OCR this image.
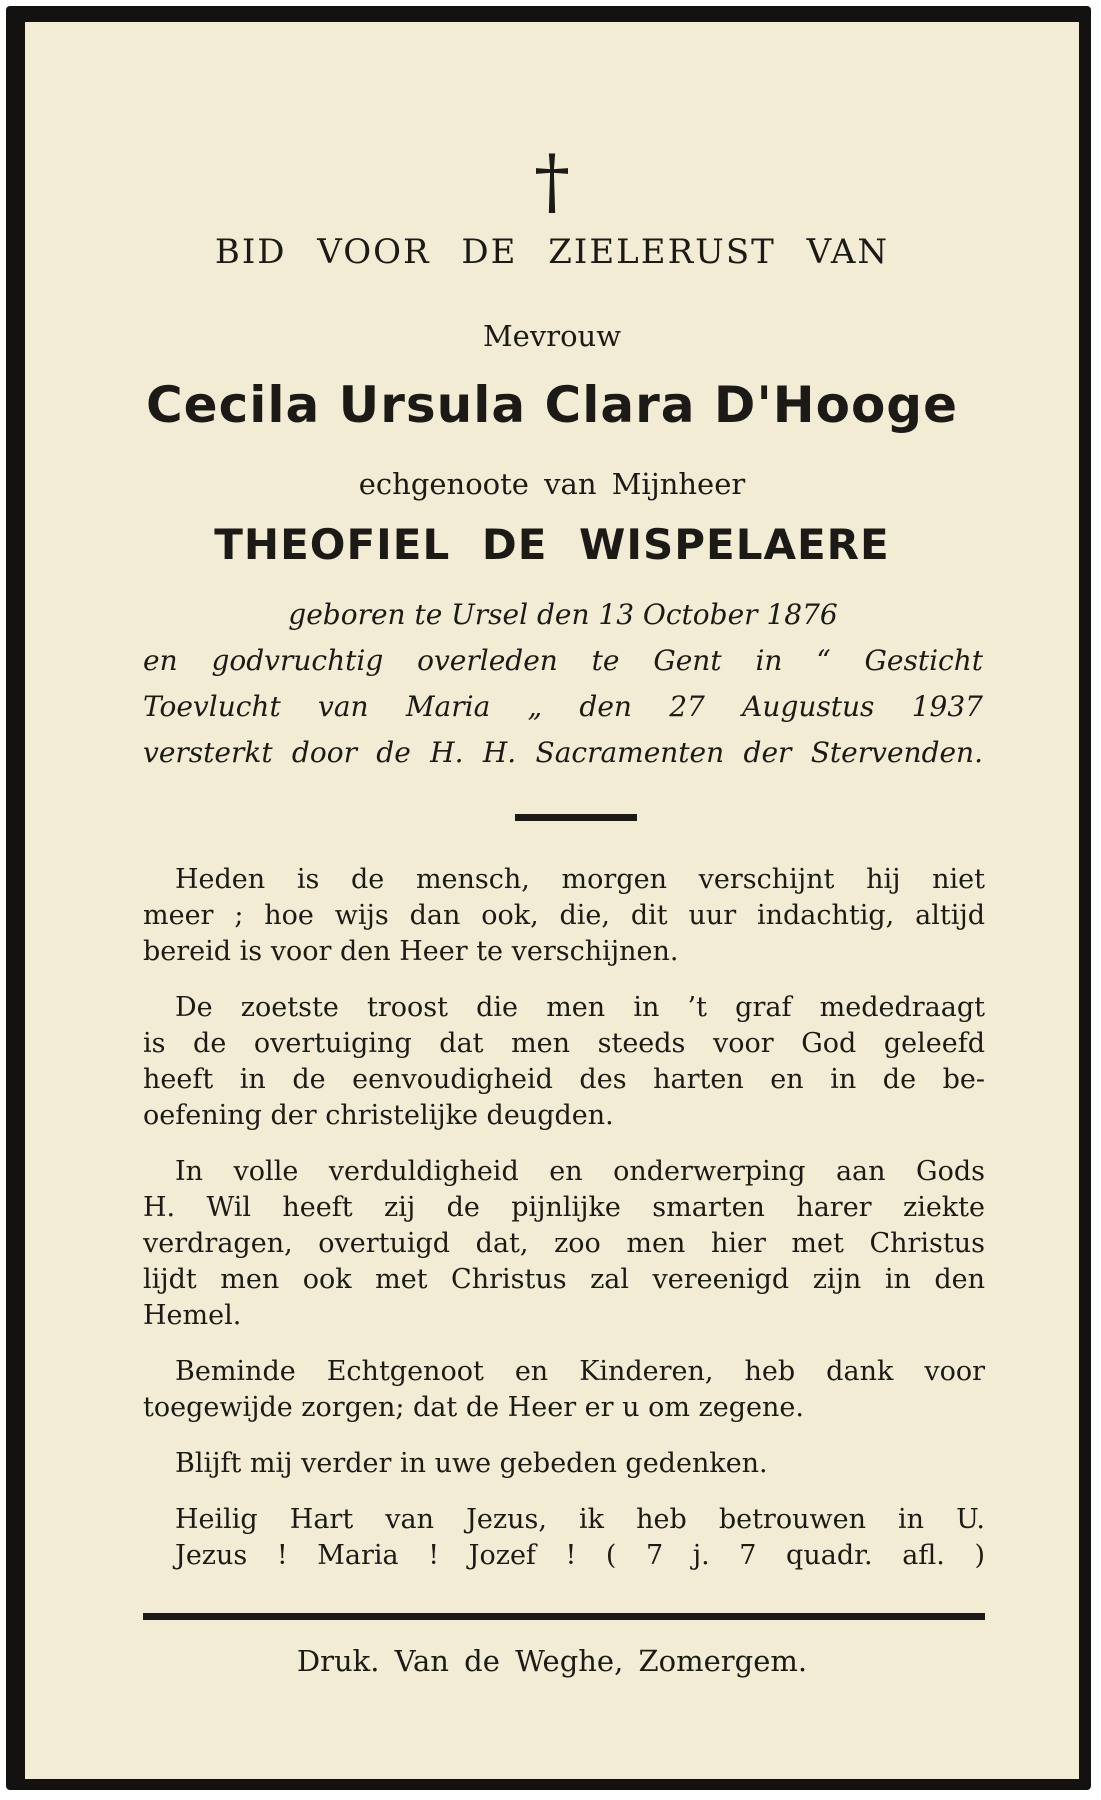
†
BID VOOR DE ZIELERUST VAN
Mevrouw
Cecila Ursula Clara D'Hooge
echgenoote van Mijnheer
THEOFIEL DE WISPELAERE
geboren te Ursel den 13 October 1876
en godvruchtig overleden te Gent in “ Gesticht
Toevlucht van Maria „ den 27 Augustus 1937
versterkt door de H. H. Sacramenten der Stervenden.
Heden is de mensch, morgen verschijnt hij niet
meer ; hoe wijs dan ook, die, dit uur indachtig, altijd
bereid is voor den Heer te verschijnen.
De zoetste troost die men in ’t graf mededraagt
is de overtuiging dat men steeds voor God geleefd
heeft in de eenvoudigheid des harten en in de be-
oefening der christelijke deugden.
In volle verduldigheid en onderwerping aan Gods
H. Wil heeft zij de pijnlijke smarten harer ziekte
verdragen, overtuigd dat, zoo men hier met Christus
lijdt men ook met Christus zal vereenigd zijn in den
Hemel.
Beminde Echtgenoot en Kinderen, heb dank voor
toegewijde zorgen; dat de Heer er u om zegene.
Blijft mij verder in uwe gebeden gedenken.
Heilig Hart van Jezus, ik heb betrouwen in U.
Jezus ! Maria ! Jozef ! ( 7 j. 7 quadr. afl. )
Druk. Van de Weghe, Zomergem.
